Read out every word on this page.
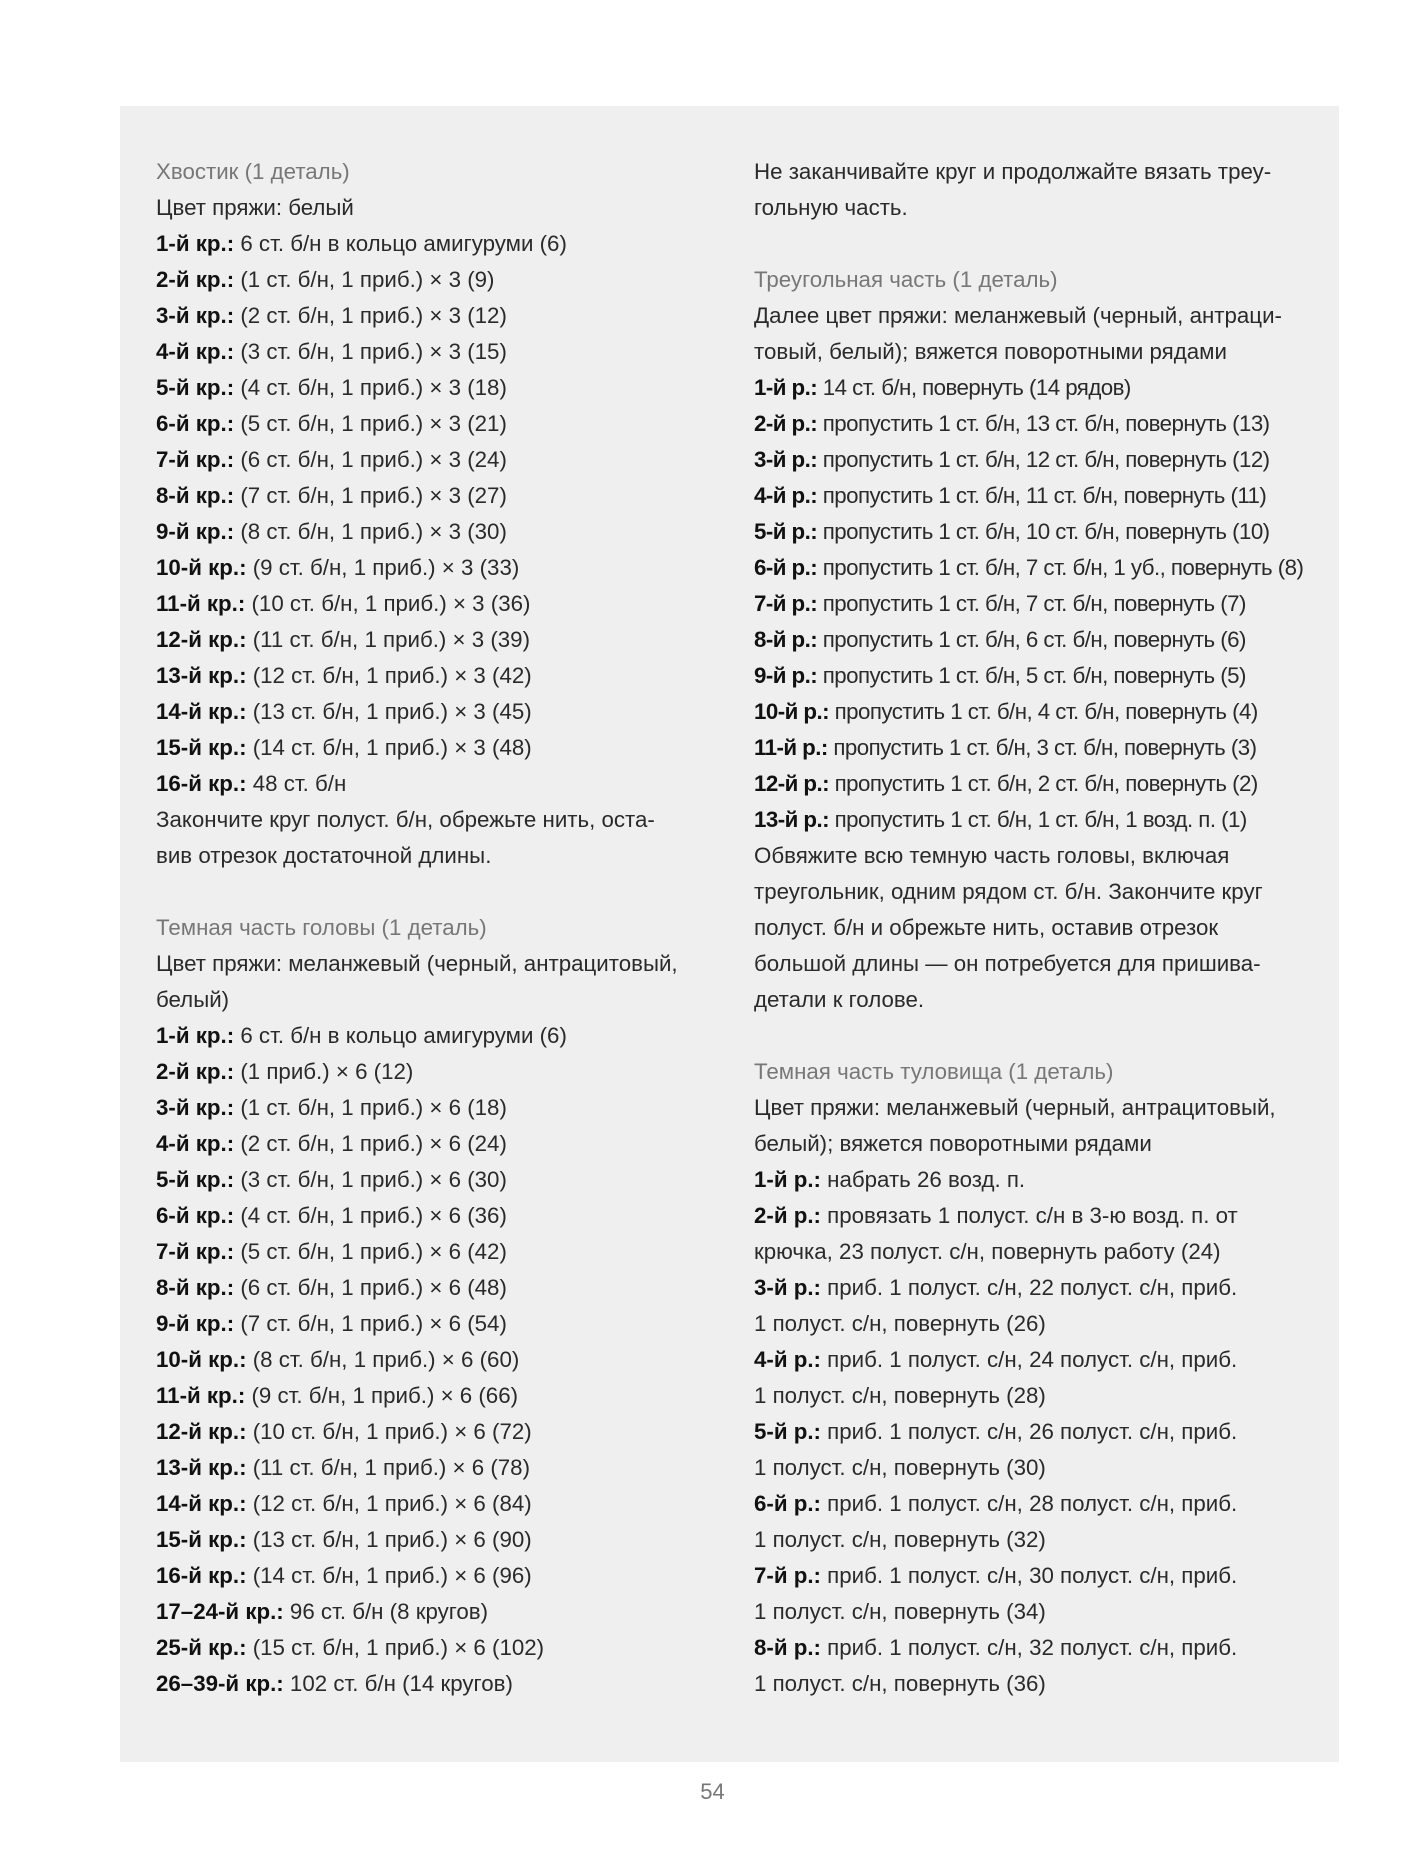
Хвостик (1 деталь)
Цвет пряжи: белый
1-й кр.: 6 ст. б/н в кольцо амигуруми (6)
2-й кр.: (1 ст. б/н, 1 приб.) × 3 (9)
3-й кр.: (2 ст. б/н, 1 приб.) × 3 (12)
4-й кр.: (3 ст. б/н, 1 приб.) × 3 (15)
5-й кр.: (4 ст. б/н, 1 приб.) × 3 (18)
6-й кр.: (5 ст. б/н, 1 приб.) × 3 (21)
7-й кр.: (6 ст. б/н, 1 приб.) × 3 (24)
8-й кр.: (7 ст. б/н, 1 приб.) × 3 (27)
9-й кр.: (8 ст. б/н, 1 приб.) × 3 (30)
10-й кр.: (9 ст. б/н, 1 приб.) × 3 (33)
11-й кр.: (10 ст. б/н, 1 приб.) × 3 (36)
12-й кр.: (11 ст. б/н, 1 приб.) × 3 (39)
13-й кр.: (12 ст. б/н, 1 приб.) × 3 (42)
14-й кр.: (13 ст. б/н, 1 приб.) × 3 (45)
15-й кр.: (14 ст. б/н, 1 приб.) × 3 (48)
16-й кр.: 48 ст. б/н
Закончите круг полуст. б/н, обрежьте нить, оста-
вив отрезок достаточной длины.
Темная часть головы (1 деталь)
Цвет пряжи: меланжевый (черный, антрацитовый,
белый)
1-й кр.: 6 ст. б/н в кольцо амигуруми (6)
2-й кр.: (1 приб.) × 6 (12)
3-й кр.: (1 ст. б/н, 1 приб.) × 6 (18)
4-й кр.: (2 ст. б/н, 1 приб.) × 6 (24)
5-й кр.: (3 ст. б/н, 1 приб.) × 6 (30)
6-й кр.: (4 ст. б/н, 1 приб.) × 6 (36)
7-й кр.: (5 ст. б/н, 1 приб.) × 6 (42)
8-й кр.: (6 ст. б/н, 1 приб.) × 6 (48)
9-й кр.: (7 ст. б/н, 1 приб.) × 6 (54)
10-й кр.: (8 ст. б/н, 1 приб.) × 6 (60)
11-й кр.: (9 ст. б/н, 1 приб.) × 6 (66)
12-й кр.: (10 ст. б/н, 1 приб.) × 6 (72)
13-й кр.: (11 ст. б/н, 1 приб.) × 6 (78)
14-й кр.: (12 ст. б/н, 1 приб.) × 6 (84)
15-й кр.: (13 ст. б/н, 1 приб.) × 6 (90)
16-й кр.: (14 ст. б/н, 1 приб.) × 6 (96)
17–24-й кр.: 96 ст. б/н (8 кругов)
25-й кр.: (15 ст. б/н, 1 приб.) × 6 (102)
26–39-й кр.: 102 ст. б/н (14 кругов)
Не заканчивайте круг и продолжайте вязать треу-
гольную часть.
Треугольная часть (1 деталь)
Далее цвет пряжи: меланжевый (черный, антраци-
товый, белый); вяжется поворотными рядами
1-й р.: 14 ст. б/н, повернуть (14 рядов)
2-й р.: пропустить 1 ст. б/н, 13 ст. б/н, повернуть (13)
3-й р.: пропустить 1 ст. б/н, 12 ст. б/н, повернуть (12)
4-й р.: пропустить 1 ст. б/н, 11 ст. б/н, повернуть (11)
5-й р.: пропустить 1 ст. б/н, 10 ст. б/н, повернуть (10)
6-й р.: пропустить 1 ст. б/н, 7 ст. б/н, 1 уб., повернуть (8)
7-й р.: пропустить 1 ст. б/н, 7 ст. б/н, повернуть (7)
8-й р.: пропустить 1 ст. б/н, 6 ст. б/н, повернуть (6)
9-й р.: пропустить 1 ст. б/н, 5 ст. б/н, повернуть (5)
10-й р.: пропустить 1 ст. б/н, 4 ст. б/н, повернуть (4)
11-й р.: пропустить 1 ст. б/н, 3 ст. б/н, повернуть (3)
12-й р.: пропустить 1 ст. б/н, 2 ст. б/н, повернуть (2)
13-й р.: пропустить 1 ст. б/н, 1 ст. б/н, 1 возд. п. (1)
Обвяжите всю темную часть головы, включая
треугольник, одним рядом ст. б/н. Закончите круг
полуст. б/н и обрежьте нить, оставив отрезок
большой длины — он потребуется для пришива-
детали к голове.
Темная часть туловища (1 деталь)
Цвет пряжи: меланжевый (черный, антрацитовый,
белый); вяжется поворотными рядами
1-й р.: набрать 26 возд. п.
2-й р.: провязать 1 полуст. с/н в 3-ю возд. п. от
крючка, 23 полуст. с/н, повернуть работу (24)
3-й р.: приб. 1 полуст. с/н, 22 полуст. с/н, приб.
1 полуст. с/н, повернуть (26)
4-й р.: приб. 1 полуст. с/н, 24 полуст. с/н, приб.
1 полуст. с/н, повернуть (28)
5-й р.: приб. 1 полуст. с/н, 26 полуст. с/н, приб.
1 полуст. с/н, повернуть (30)
6-й р.: приб. 1 полуст. с/н, 28 полуст. с/н, приб.
1 полуст. с/н, повернуть (32)
7-й р.: приб. 1 полуст. с/н, 30 полуст. с/н, приб.
1 полуст. с/н, повернуть (34)
8-й р.: приб. 1 полуст. с/н, 32 полуст. с/н, приб.
1 полуст. с/н, повернуть (36)
54
